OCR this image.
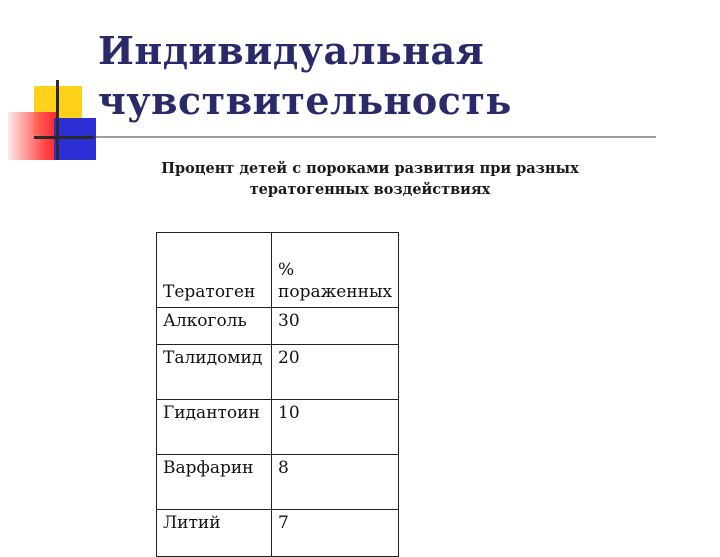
Индивидуальная
чувствительность
Процент детей с пороками развития при разных
тератогенных воздействиях
Тератоген	% пораженных
Алкоголь	30
Талидомид	20
Гидантоин	10
Варфарин	8
Литий	7
